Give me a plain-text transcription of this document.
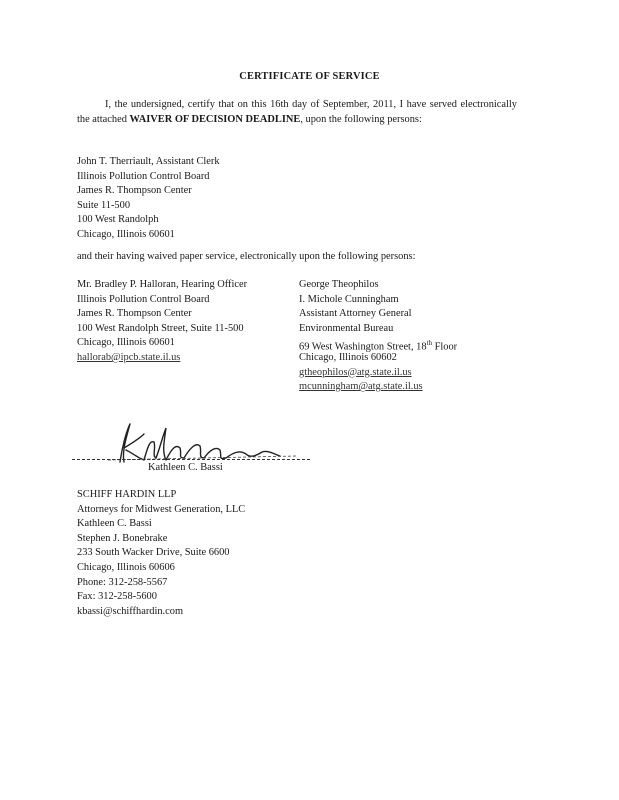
CERTIFICATE OF SERVICE
I, the undersigned, certify that on this 16th day of September, 2011, I have served electronically the attached WAIVER OF DECISION DEADLINE, upon the following persons:
John T. Therriault, Assistant Clerk
Illinois Pollution Control Board
James R. Thompson Center
Suite 11-500
100 West Randolph
Chicago, Illinois 60601
and their having waived paper service, electronically upon the following persons:
Mr. Bradley P. Halloran, Hearing Officer
Illinois Pollution Control Board
James R. Thompson Center
100 West Randolph Street, Suite 11-500
Chicago, Illinois 60601
hallorab@ipcb.state.il.us
George Theophilos
I. Michole Cunningham
Assistant Attorney General
Environmental Bureau
69 West Washington Street, 18th Floor
Chicago, Illinois 60602
gtheophilos@atg.state.il.us
mcunningham@atg.state.il.us
Kathleen C. Bassi
SCHIFF HARDIN LLP
Attorneys for Midwest Generation, LLC
Kathleen C. Bassi
Stephen J. Bonebrake
233 South Wacker Drive, Suite 6600
Chicago, Illinois 60606
Phone: 312-258-5567
Fax: 312-258-5600
kbassi@schiffhardin.com
